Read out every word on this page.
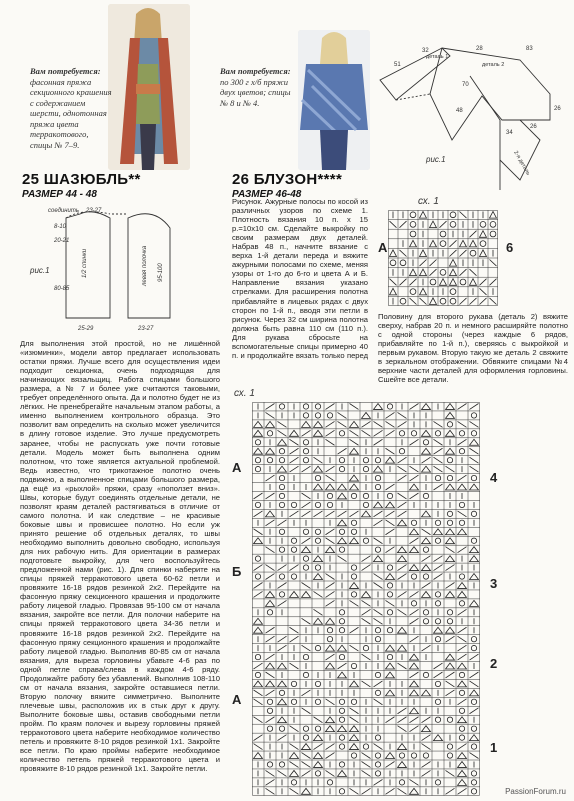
Вам потребуется: фасонная пряжа секционного крашения с содержанием шерсти, однотонная пряжа цвета терракотового, спицы № 7–9.
Вам потребуется: по 300 г х/б пряжи двух цветов; спицы № 8 и № 4.
25 ШАЗЮБЛЬ**
РАЗМЕР 44 - 48
26 БЛУЗОН****
РАЗМЕР 46-48
соединить 23-27
8-10
20-21
80-85
1/2 спинки	левая полочка 95-100
25-29	23-27
рис.1
51
32	28	83
70
48
34
26
26
деталь 1
деталь 2
2-я деталь
рис.1

Для выполнения этой простой, но не лишённой «изюминки», модели автор предлагает использовать остатки пряжи. Лучше всего для осуществления идеи подходит секционка, очень подходящая для начинающих вязальщиц. Работа спицами большого размера, а № 7 и более уже считаются таковыми, требует определённого опыта. Да и полотно будет не из лёгких. Не пренебрегайте начальным этапом работы, а именно выполнением контрольного образца. Это позволит вам определить на сколько может увеличится в длину готовое изделие. Это лучше предусмотреть заранее, чтобы не распускать уже почти готовые детали. Модель может быть выполнена одним полотном, что тоже является актуальной проблемой. Ведь известно, что трикотажное полотно очень подвижно, а выполненное спицами большого размера, да ещё из «рыхлой» пряжи, сразу «поползет вниз». Швы, которые будут соединять отдельные детали, не позволят краям деталей растягиваться в отличие от самого полотна. И как следствие – не красивые боковые швы и провисшее полотно. Но если уж принято решение об отдельных деталях, то швы необходимо выполнить довольно свободно, используя для них рабочую нить. Для ориентации в размерах подготовьте выкройку, для чего воспользуйтесь предложенной нами (рис. 1). Для спинки наберите на спицы пряжей терракотового цвета 60-62 петли и провяжите 16-18 рядов резинкой 2х2. Перейдите на фасонную пряжу секционного крашения и продолжите работу лицевой гладью. Провязав 95-100 см от начала вязания, закройте все петли. Для полочки наберите на спицы пряжей терракотового цвета 34-36 петли и провяжите 16-18 рядов резинкой 2х2. Перейдите на фасонную пряжу секционного крашения и продолжайте работу лицевой гладью. Выполнив 80-85 см от начала вязания, для выреза горловины убавьте 4-6 раз по одной петле справа/слева в каждом 4-6 ряду. Продолжайте работу без убавлений. Выполнив 108-110 см от начала вязания, закройте оставшиеся петли. Вторую полочку вяжите симметрично. Выполните плечевые швы, расположив их в стык друг к другу. Выполните боковые швы, оставив свободными петли пройм. По краям полочек и вырезу горловины пряжей терракотового цвета наберите необходимое количество петель и провяжите 8-10 рядов резинкой 1х1. Закройте все петли. По краю проймы наберите необходимое количество петель пряжей терракотового цвета и провяжите 8-10 рядов резинкой 1х1. Закройте петли.

Рисунок. Ажурные полосы по косой из различных узоров по схеме 1. Плотность вязания 10 п. х 15 р.=10х10 см. Сделайте выкройку по своим размерам двух деталей. Набрав 48 п., начните вязание с верха 1-й детали переда и вяжите ажурными полосами по схеме, меняя узоры от 1-го до 6-го и цвета А и Б. Направление вязания указано стрелками. Для расширения полотна прибавляйте в лицевых рядах с двух сторон по 1-й п., вводя эти петли в рисунок. Через 32 см ширина полотна должна быть равна 110 см (110 п.). Для рукава сбросьте на вспомогательные спицы примерно 40 п. и продолжайте вязать только перед

сх. 1
А	6

Половину для второго рукава (деталь 2) вяжите сверху, набрав 20 п. и немного расширяйте полотно с одной стороны (через каждые 6 рядов, прибавляйте по 1-й п.), сверяясь с выкройкой и первым рукавом. Вторую такую же деталь 2 свяжите в зеркальном отображении. Обвяжите спицами №4 верхние части деталей для оформления горловины. Сшейте все детали.

сх. 1
А
Б
А
4
3
2
1
PassionForum.ru
